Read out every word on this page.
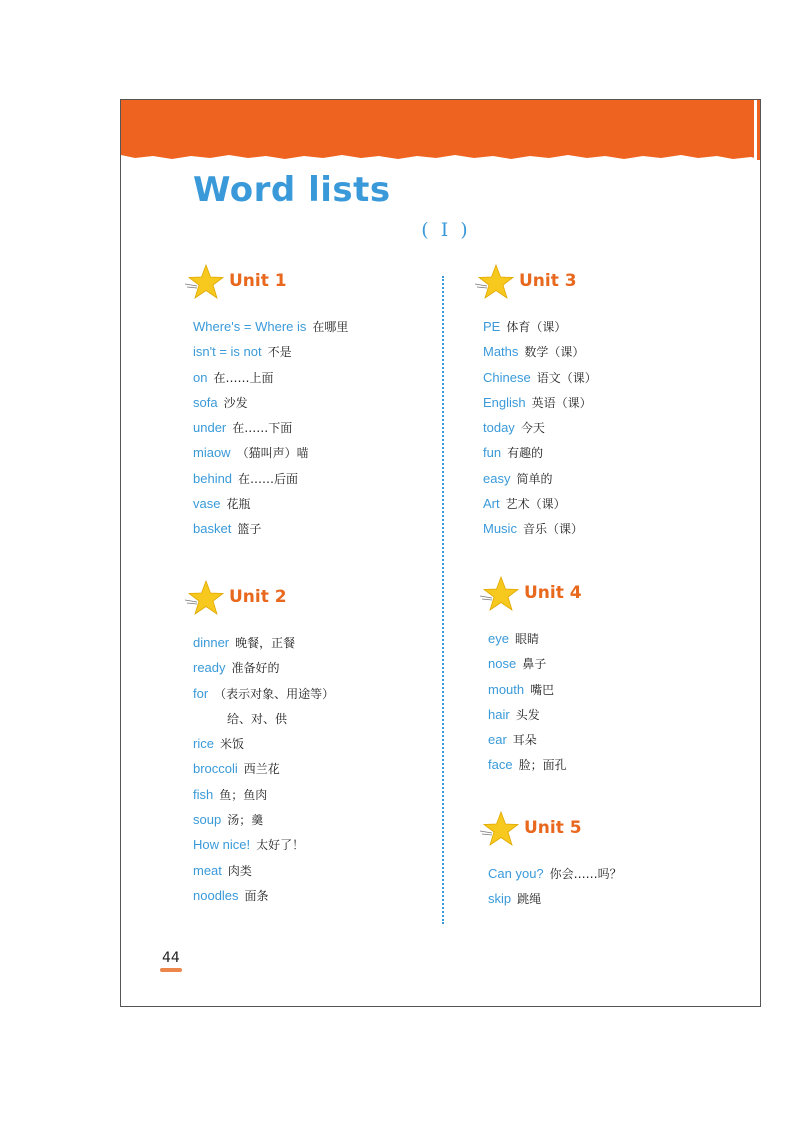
Word lists
( I )
Unit 1
Where's = Where is 在哪里
isn't = is not 不是
on 在……上面
sofa 沙发
under 在……下面
miaow （猫叫声）喵
behind 在……后面
vase 花瓶
basket 篮子
Unit 2
dinner 晚餐，正餐
ready 准备好的
for （表示对象、用途等）
给、对、供
rice 米饭
broccoli 西兰花
fish 鱼；鱼肉
soup 汤；羹
How nice! 太好了！
meat 肉类
noodles 面条
Unit 3
PE 体育（课）
Maths 数学（课）
Chinese 语文（课）
English 英语（课）
today 今天
fun 有趣的
easy 简单的
Art 艺术（课）
Music 音乐（课）
Unit 4
eye 眼睛
nose 鼻子
mouth 嘴巴
hair 头发
ear 耳朵
face 脸；面孔
Unit 5
Can you? 你会……吗？
skip 跳绳
44
